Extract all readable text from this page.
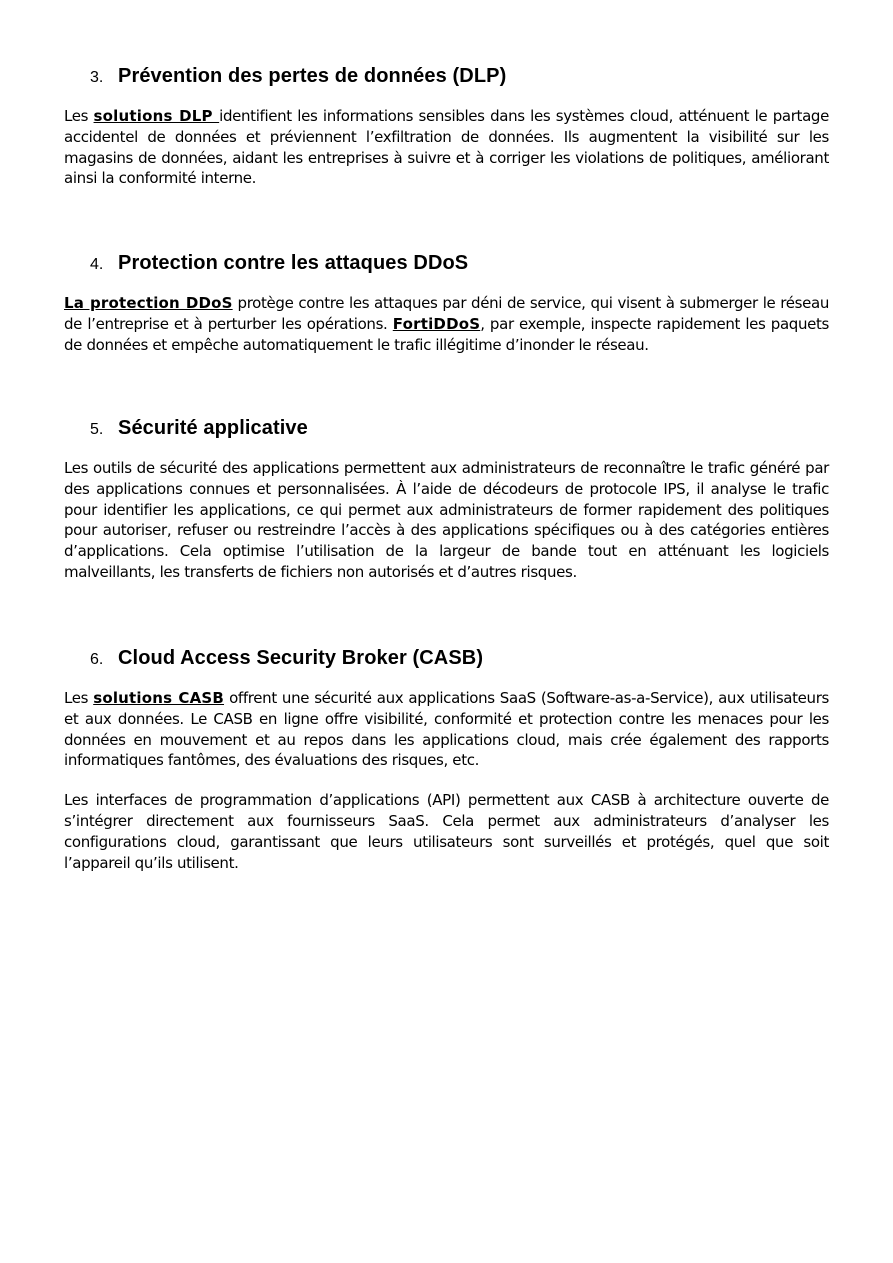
3. Prévention des pertes de données (DLP)

Les solutions DLP identifient les informations sensibles dans les systèmes cloud, atténuent le partage accidentel de données et préviennent l’exfiltration de données. Ils augmentent la visibilité sur les magasins de données, aidant les entreprises à suivre et à corriger les violations de politiques, améliorant ainsi la conformité interne.

4. Protection contre les attaques DDoS

La protection DDoS protège contre les attaques par déni de service, qui visent à submerger le réseau de l’entreprise et à perturber les opérations. FortiDDoS, par exemple, inspecte rapidement les paquets de données et empêche automatiquement le trafic illégitime d’inonder le réseau.

5. Sécurité applicative

Les outils de sécurité des applications permettent aux administrateurs de reconnaître le trafic généré par des applications connues et personnalisées. À l’aide de décodeurs de protocole IPS, il analyse le trafic pour identifier les applications, ce qui permet aux administrateurs de former rapidement des politiques pour autoriser, refuser ou restreindre l’accès à des applications spécifiques ou à des catégories entières d’applications. Cela optimise l’utilisation de la largeur de bande tout en atténuant les logiciels malveillants, les transferts de fichiers non autorisés et d’autres risques.

6. Cloud Access Security Broker (CASB)

Les solutions CASB offrent une sécurité aux applications SaaS (Software-as-a-Service), aux utilisateurs et aux données. Le CASB en ligne offre visibilité, conformité et protection contre les menaces pour les données en mouvement et au repos dans les applications cloud, mais crée également des rapports informatiques fantômes, des évaluations des risques, etc.

Les interfaces de programmation d’applications (API) permettent aux CASB à architecture ouverte de s’intégrer directement aux fournisseurs SaaS. Cela permet aux administrateurs d’analyser les configurations cloud, garantissant que leurs utilisateurs sont surveillés et protégés, quel que soit l’appareil qu’ils utilisent.
